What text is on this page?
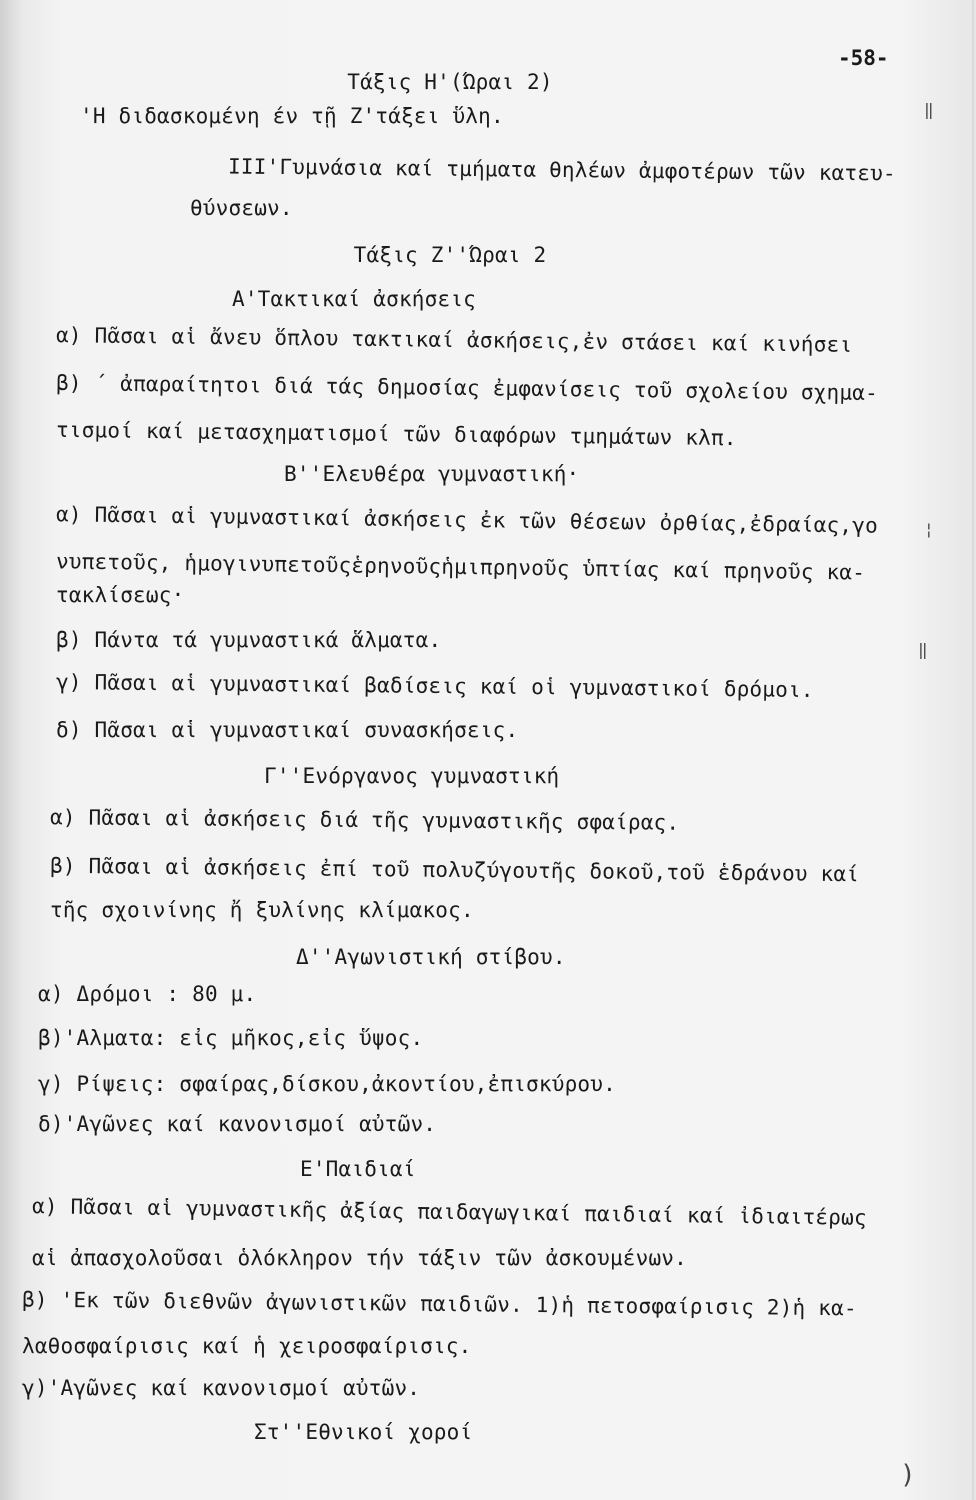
-58-
Τάξις Η'(Ώραι 2)
'Η διδασκομένη έν τῇ Ζ'τάξει ὕλη.
ΙΙΙ'Γυμνάσια καί τμήματα θηλέων ἀμφοτέρων τῶν κατευ-
θύνσεων.
Τάξις Ζ''Ώραι 2
Α'Τακτικαί ἀσκήσεις
α) Πᾶσαι αἱ ἄνευ ὅπλου τακτικαί ἀσκήσεις,ἐν στάσει καί κινήσει
β) ΄ ἀπαραίτητοι διά τάς δημοσίας ἐμφανίσεις τοῦ σχολείου σχημα-
τισμοί καί μετασχηματισμοί τῶν διαφόρων τμημάτων κλπ.
Β''Ελευθέρα γυμναστική·
α) Πᾶσαι αἱ γυμναστικαί ἀσκήσεις ἐκ τῶν θέσεων ὀρθίας,ἐδραίας,γο
νυπετοῦς, ἡμογινυπετοῦςἑρηνοῦςἡμιπρηνοῦς ὑπτίας καί πρηνοῦς κα-
τακλίσεως·
β) Πάντα τά γυμναστικά ἅλματα.
γ) Πᾶσαι αἱ γυμναστικαί βαδίσεις καί οἱ γυμναστικοί δρόμοι.
δ) Πᾶσαι αἱ γυμναστικαί συνασκήσεις.
Γ''Ενόργανος γυμναστική
α) Πᾶσαι αἱ ἀσκήσεις διά τῆς γυμναστικῆς σφαίρας.
β) Πᾶσαι αἱ ἀσκήσεις ἐπί τοῦ πολυζύγουτῆς δοκοῦ,τοῦ ἑδράνου καί
τῆς σχοινίνης ἤ ξυλίνης κλίμακος.
Δ''Αγωνιστική στίβου.
α) Δρόμοι : 80 μ.
β)'Αλματα: εἰς μῆκος,εἰς ὕψος.
γ) Ρίψεις: σφαίρας,δίσκου,ἀκοντίου,ἐπισκύρου.
δ)'Αγῶνες καί κανονισμοί αὐτῶν.
Ε'Παιδιαί
α) Πᾶσαι αἱ γυμναστικῆς ἀξίας παιδαγωγικαί παιδιαί καί ἰδιαιτέρως
αἱ ἀπασχολοῦσαι ὁλόκληρον τήν τάξιν τῶν ἀσκουμένων.
β) 'Εκ τῶν διεθνῶν ἀγωνιστικῶν παιδιῶν. 1)ἡ πετοσφαίρισις 2)ἡ κα-
λαθοσφαίρισις καί ἡ χειροσφαίρισις.
γ)'Αγῶνες καί κανονισμοί αὐτῶν.
Στ''Εθνικοί χοροί
‖
¦
‖
)
